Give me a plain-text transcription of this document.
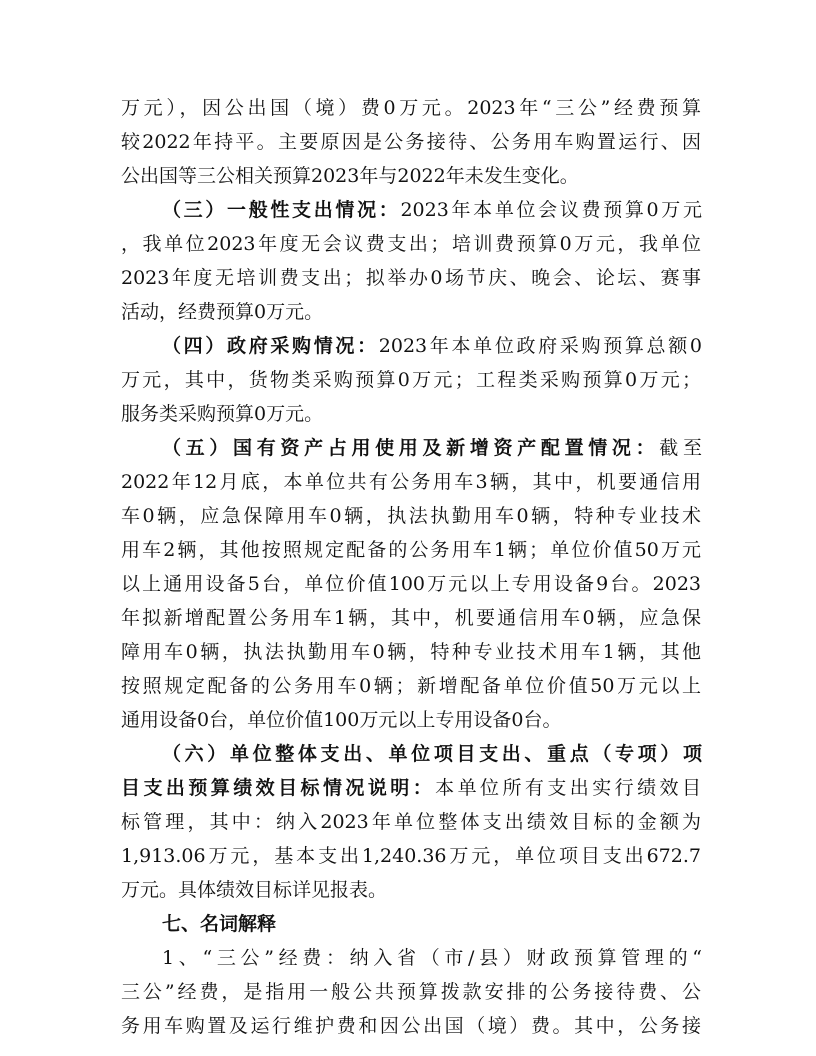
万元），因公出国（境）费0万元。2023年“三公”经费预算
较2022年持平。主要原因是公务接待、公务用车购置运行、因
公出国等三公相关预算2023年与2022年未发生变化。
（三）一般性支出情况：2023年本单位会议费预算0万元
，我单位2023年度无会议费支出；培训费预算0万元，我单位
2023年度无培训费支出；拟举办0场节庆、晚会、论坛、赛事
活动，经费预算0万元。
（四）政府采购情况：2023年本单位政府采购预算总额0
万元，其中，货物类采购预算0万元；工程类采购预算0万元；
服务类采购预算0万元。
（五）国有资产占用使用及新增资产配置情况：截至
2022年12月底，本单位共有公务用车3辆，其中，机要通信用
车0辆，应急保障用车0辆，执法执勤用车0辆，特种专业技术
用车2辆，其他按照规定配备的公务用车1辆；单位价值50万元
以上通用设备5台，单位价值100万元以上专用设备9台。2023
年拟新增配置公务用车1辆，其中，机要通信用车0辆，应急保
障用车0辆，执法执勤用车0辆，特种专业技术用车1辆，其他
按照规定配备的公务用车0辆；新增配备单位价值50万元以上
通用设备0台，单位价值100万元以上专用设备0台。
（六）单位整体支出、单位项目支出、重点（专项）项
目支出预算绩效目标情况说明：本单位所有支出实行绩效目
标管理，其中：纳入2023年单位整体支出绩效目标的金额为
1,913.06万元，基本支出1,240.36万元，单位项目支出672.7
万元。具体绩效目标详见报表。
七、名词解释
1、“三公”经费：纳入省（市/县）财政预算管理的“
三公”经费，是指用一般公共预算拨款安排的公务接待费、公
务用车购置及运行维护费和因公出国（境）费。其中，公务接
